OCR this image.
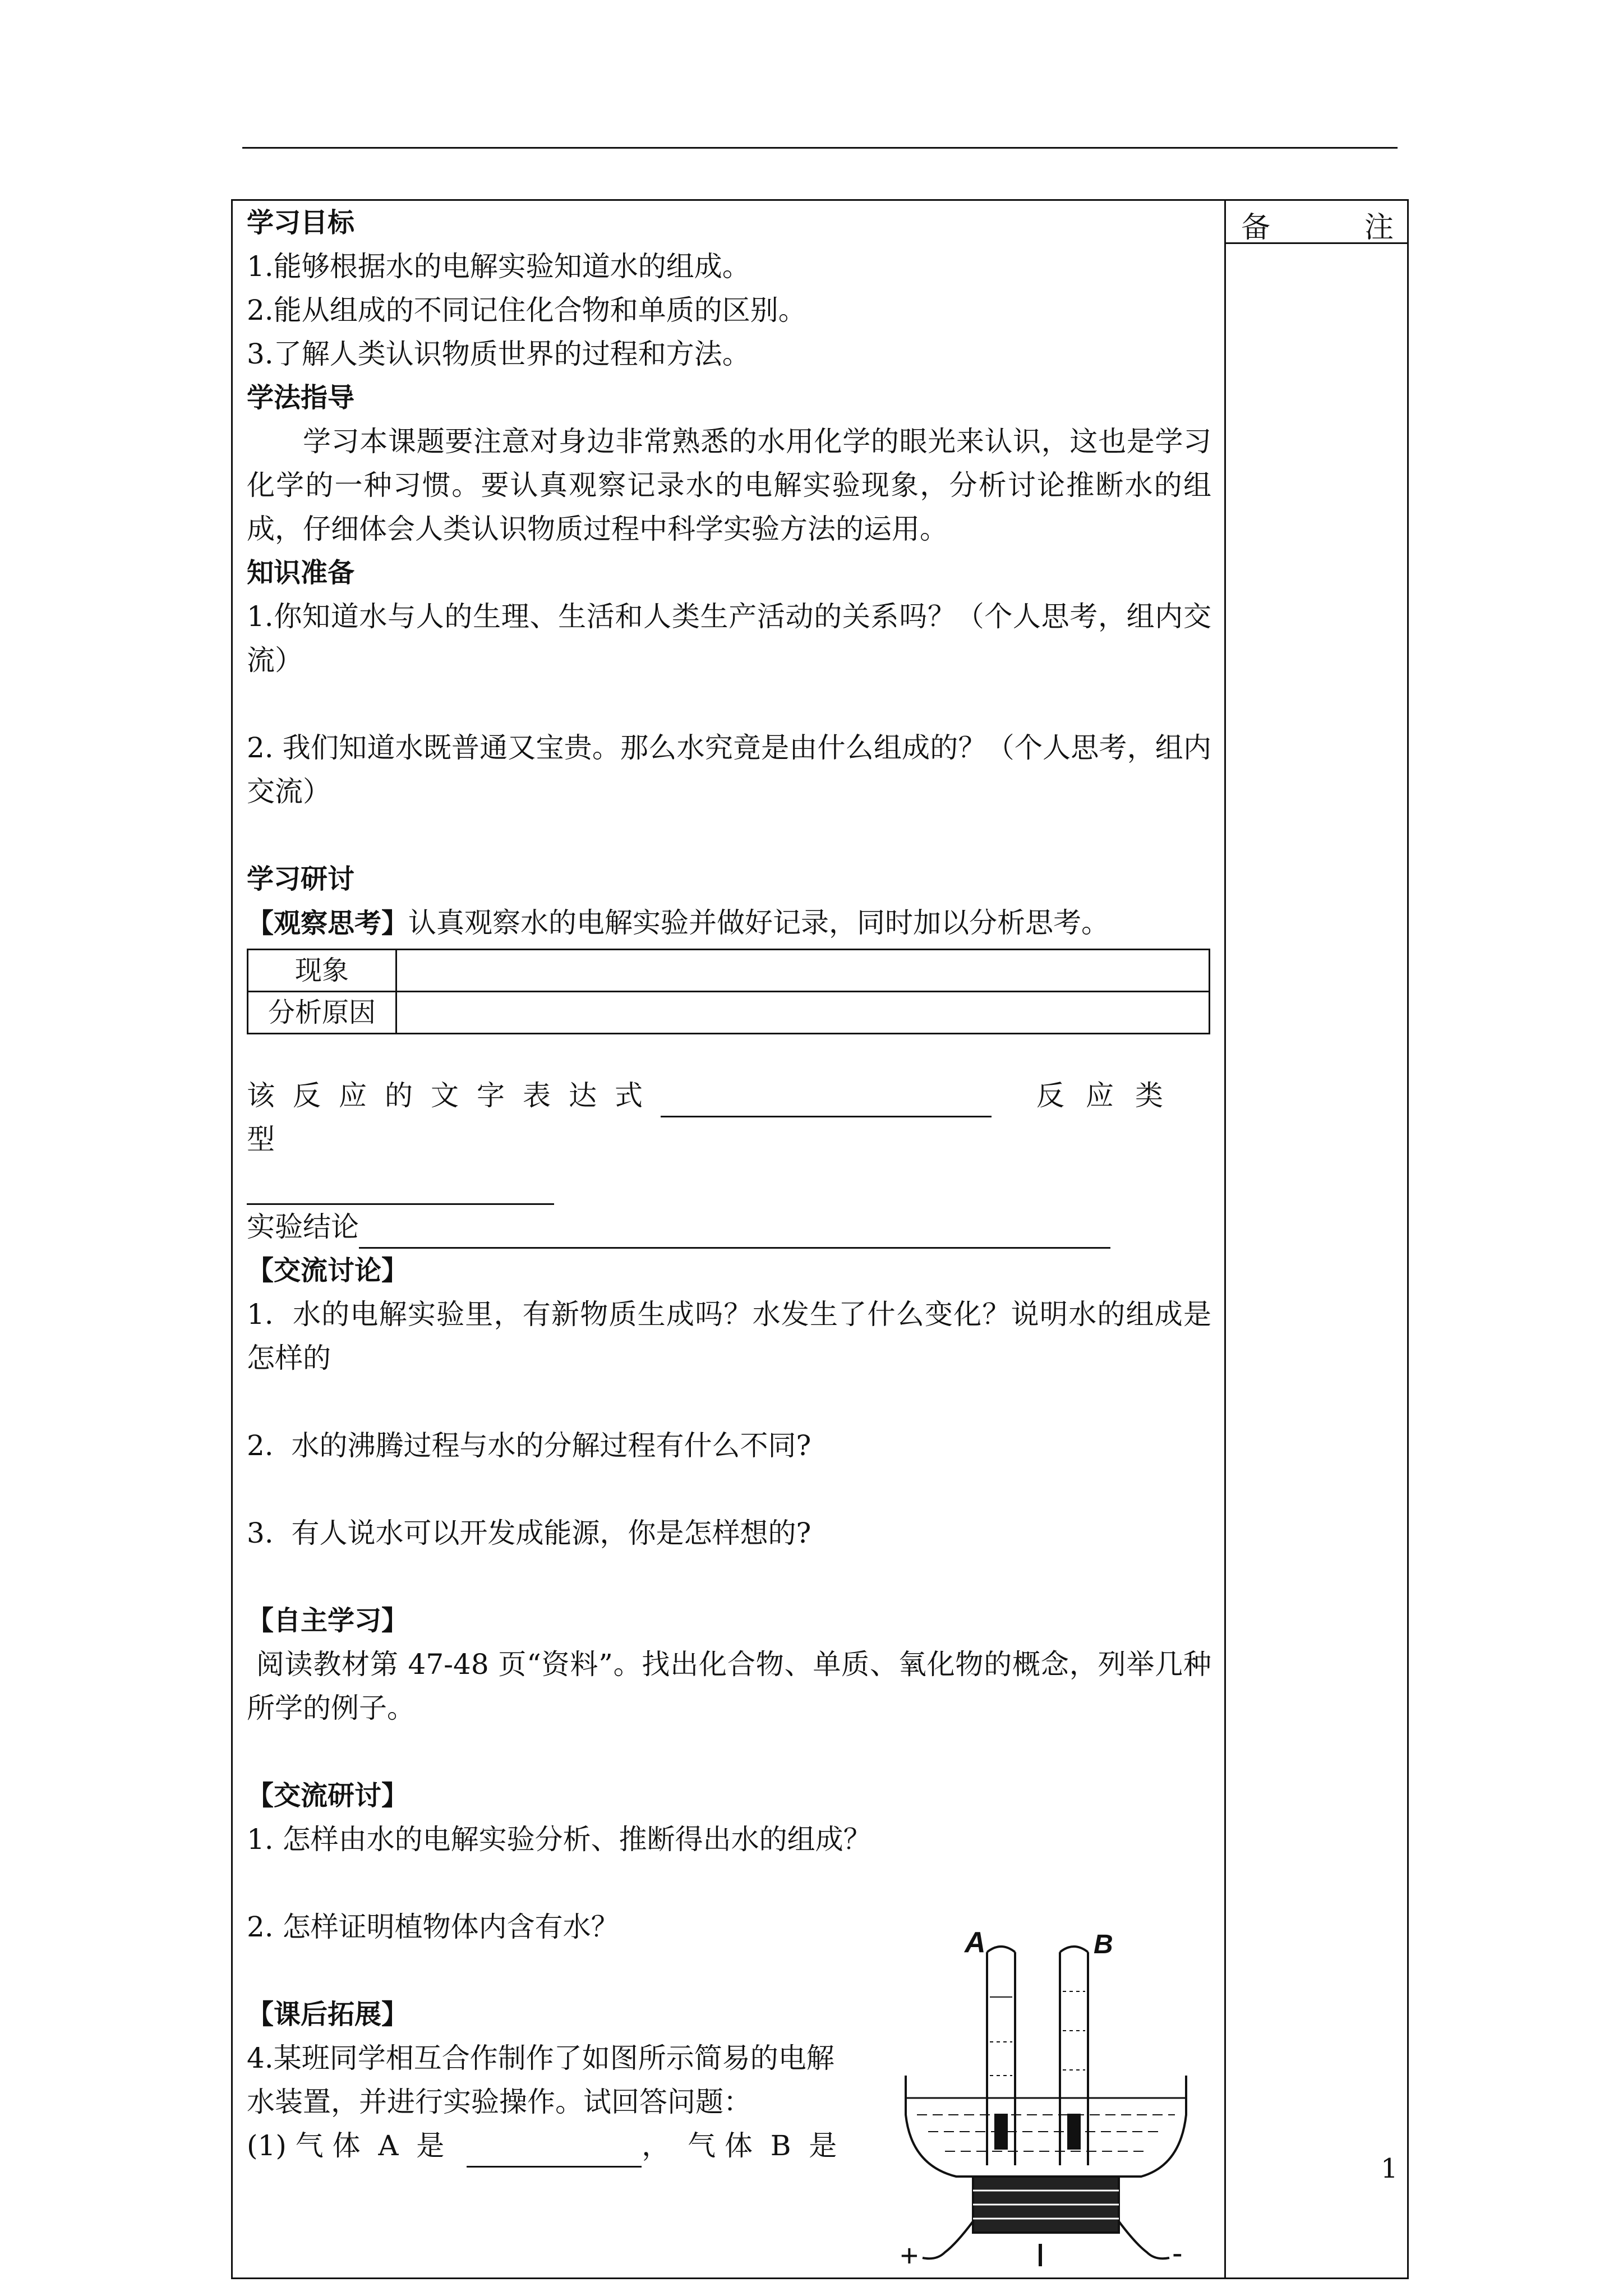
备	注
1

学习目标

1.能够根据水的电解实验知道水的组成。

2.能从组成的不同记住化合物和单质的区别。

3.了解人类认识物质世界的过程和方法。

学法指导

学习本课题要注意对身边非常熟悉的水用化学的眼光来认识，这也是学习化学的一种习惯。要认真观察记录水的电解实验现象，分析讨论推断水的组成，仔细体会人类认识物质过程中科学实验方法的运用。

知识准备

1.你知道水与人的生理、生活和人类生产活动的关系吗？（个人思考，组内交流）

2. 我们知道水既普通又宝贵。那么水究竟是由什么组成的？（个人思考，组内交流）

学习研讨

【观察思考】认真观察水的电解实验并做好记录，同时加以分析思考。

现象	
分析原因	

该反应的文字表达式	反应类型

实验结论

【交流讨论】

1.  水的电解实验里，有新物质生成吗？水发生了什么变化？说明水的组成是怎样的

2.  水的沸腾过程与水的分解过程有什么不同?

3.  有人说水可以开发成能源，你是怎样想的?

【自主学习】

阅读教材第 47-48 页“资料”。找出化合物、单质、氧化物的概念，列举几种所学的例子。

【交流研讨】

1. 怎样由水的电解实验分析、推断得出水的组成？

2. 怎样证明植物体内含有水？

【课后拓展】

4.某班同学相互合作制作了如图所示简易的电解

水装置，并进行实验操作。试回答问题：

(1) 气 体  A  是	，  气 体  B  是

A	B
+	-
